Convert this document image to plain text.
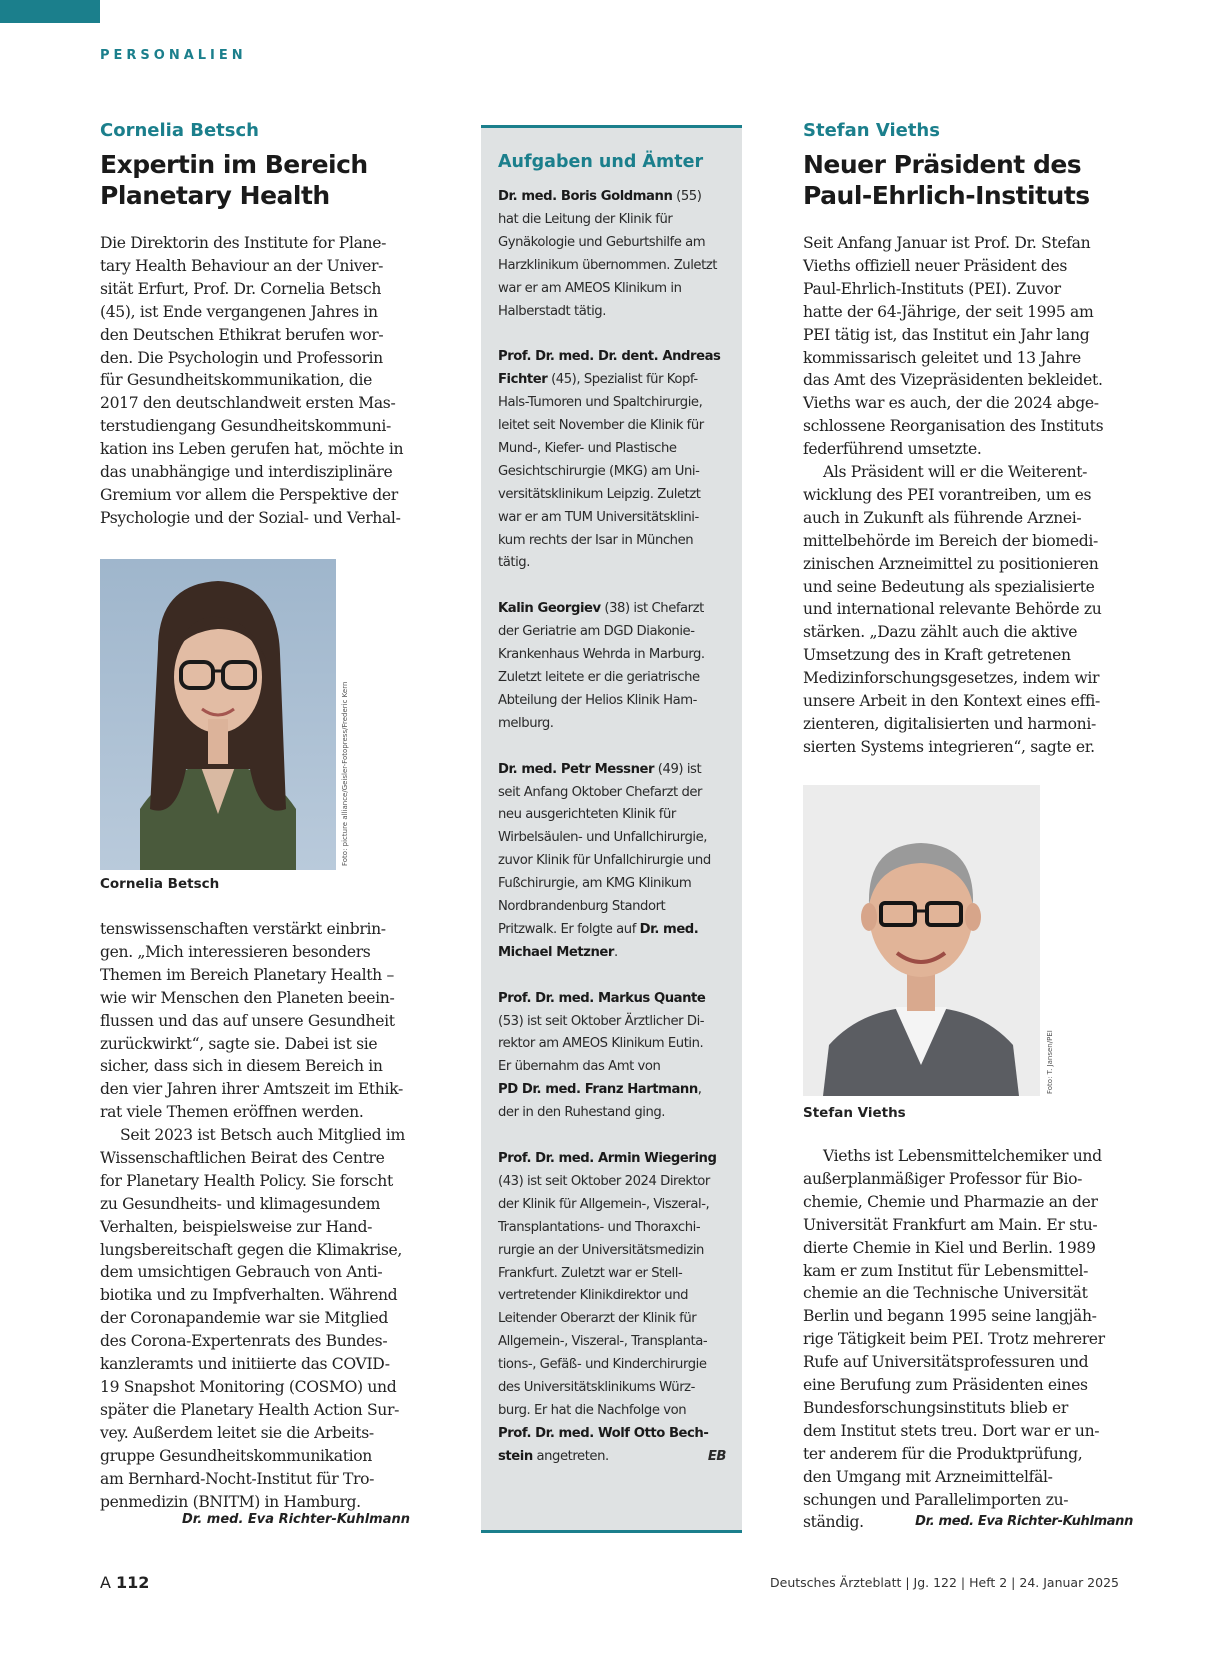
PERSONALIEN
Cornelia Betsch
Expertin im Bereich
Planetary Health
Die Direktorin des Institute for Plane-
tary Health Behaviour an der Univer-
sität Erfurt, Prof. Dr. Cornelia Betsch
(45), ist Ende vergangenen Jahres in
den Deutschen Ethikrat berufen wor-
den. Die Psychologin und Professorin
für Gesundheitskommunikation, die
2017 den deutschlandweit ersten Mas-
terstudiengang Gesundheitskommuni-
kation ins Leben gerufen hat, möchte in
das unabhängige und interdisziplinäre
Gremium vor allem die Perspektive der
Psychologie und der Sozial- und Verhal-
Foto: picture alliance/Geisler-Fotopress/Frederic Kern
Cornelia Betsch
tenswissenschaften verstärkt einbrin-
gen. „Mich interessieren besonders
Themen im Bereich Planetary Health –
wie wir Menschen den Planeten beein-
flussen und das auf unsere Gesundheit
zurückwirkt“, sagte sie. Dabei ist sie
sicher, dass sich in diesem Bereich in
den vier Jahren ihrer Amtszeit im Ethik-
rat viele Themen eröffnen werden.
Seit 2023 ist Betsch auch Mitglied im
Wissenschaftlichen Beirat des Centre
for Planetary Health Policy. Sie forscht
zu Gesundheits- und klimagesundem
Verhalten, beispielsweise zur Hand-
lungsbereitschaft gegen die Klimakrise,
dem umsichtigen Gebrauch von Anti-
biotika und zu Impfverhalten. Während
der Coronapandemie war sie Mitglied
des Corona-Expertenrats des Bundes-
kanzleramts und initiierte das COVID-
19 Snapshot Monitoring (COSMO) und
später die Planetary Health Action Sur-
vey. Außerdem leitet sie die Arbeits-
gruppe Gesundheitskommunikation
am Bernhard-Nocht-Institut für Tro-
penmedizin (BNITM) in Hamburg.
Dr. med. Eva Richter-Kuhlmann
Aufgaben und Ämter
Dr. med. Boris Goldmann (55)
hat die Leitung der Klinik für
Gynäkologie und Geburtshilfe am
Harzklinikum übernommen. Zuletzt
war er am AMEOS Klinikum in
Halberstadt tätig.
Prof. Dr. med. Dr. dent. Andreas
Fichter (45), Spezialist für Kopf-
Hals-Tumoren und Spaltchirurgie,
leitet seit November die Klinik für
Mund-, Kiefer- und Plastische
Gesichtschirurgie (MKG) am Uni-
versitätsklinikum Leipzig. Zuletzt
war er am TUM Universitätsklini-
kum rechts der Isar in München
tätig.
Kalin Georgiev (38) ist Chefarzt
der Geriatrie am DGD Diakonie-
Krankenhaus Wehrda in Marburg.
Zuletzt leitete er die geriatrische
Abteilung der Helios Klinik Ham-
melburg.
Dr. med. Petr Messner (49) ist
seit Anfang Oktober Chefarzt der
neu ausgerichteten Klinik für
Wirbelsäulen- und Unfallchirurgie,
zuvor Klinik für Unfallchirurgie und
Fußchirurgie, am KMG Klinikum
Nordbrandenburg Standort
Pritzwalk. Er folgte auf Dr. med.
Michael Metzner.
Prof. Dr. med. Markus Quante
(53) ist seit Oktober Ärztlicher Di-
rektor am AMEOS Klinikum Eutin.
Er übernahm das Amt von
PD Dr. med. Franz Hartmann,
der in den Ruhestand ging.
Prof. Dr. med. Armin Wiegering
(43) ist seit Oktober 2024 Direktor
der Klinik für Allgemein-, Viszeral-,
Transplantations- und Thoraxchi-
rurgie an der Universitätsmedizin
Frankfurt. Zuletzt war er Stell-
vertretender Klinikdirektor und
Leitender Oberarzt der Klinik für
Allgemein-, Viszeral-, Transplanta-
tions-, Gefäß- und Kinderchirurgie
des Universitätsklinikums Würz-
burg. Er hat die Nachfolge von
Prof. Dr. med. Wolf Otto Bech-
stein angetreten.	EB
Stefan Vieths
Neuer Präsident des
Paul-Ehrlich-Instituts
Seit Anfang Januar ist Prof. Dr. Stefan
Vieths offiziell neuer Präsident des
Paul-Ehrlich-Instituts (PEI). Zuvor
hatte der 64-Jährige, der seit 1995 am
PEI tätig ist, das Institut ein Jahr lang
kommissarisch geleitet und 13 Jahre
das Amt des Vizepräsidenten bekleidet.
Vieths war es auch, der die 2024 abge-
schlossene Reorganisation des Instituts
federführend umsetzte.
Als Präsident will er die Weiterent-
wicklung des PEI vorantreiben, um es
auch in Zukunft als führende Arznei-
mittelbehörde im Bereich der biomedi-
zinischen Arzneimittel zu positionieren
und seine Bedeutung als spezialisierte
und international relevante Behörde zu
stärken. „Dazu zählt auch die aktive
Umsetzung des in Kraft getretenen
Medizinforschungsgesetzes, indem wir
unsere Arbeit in den Kontext eines effi-
zienteren, digitalisierten und harmoni-
sierten Systems integrieren“, sagte er.
Foto: T. Jansen/PEI
Stefan Vieths
Vieths ist Lebensmittelchemiker und
außerplanmäßiger Professor für Bio-
chemie, Chemie und Pharmazie an der
Universität Frankfurt am Main. Er stu-
dierte Chemie in Kiel und Berlin. 1989
kam er zum Institut für Lebensmittel-
chemie an die Technische Universität
Berlin und begann 1995 seine langjäh-
rige Tätigkeit beim PEI. Trotz mehrerer
Rufe auf Universitätsprofessuren und
eine Berufung zum Präsidenten eines
Bundesforschungsinstituts blieb er
dem Institut stets treu. Dort war er un-
ter anderem für die Produktprüfung,
den Umgang mit Arzneimittelfäl-
schungen und Parallelimporten zu-
ständig.	Dr. med. Eva Richter-Kuhlmann
A 112	Deutsches Ärzteblatt | Jg. 122 | Heft 2 | 24. Januar 2025
